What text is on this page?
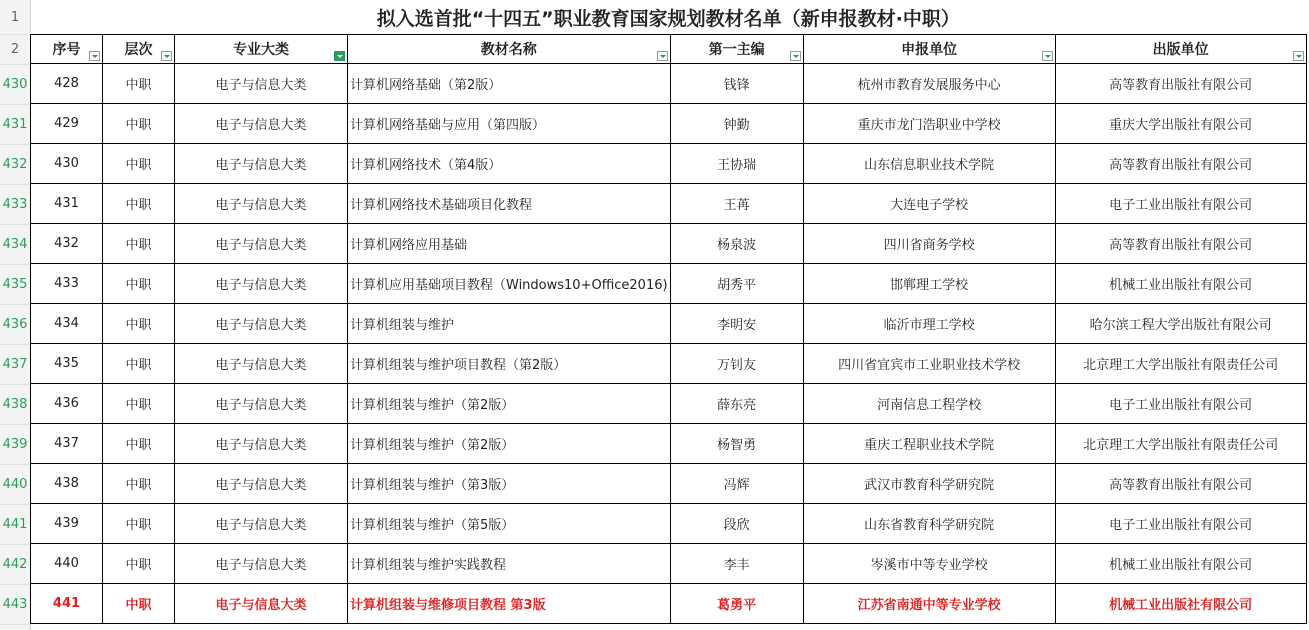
1
2
430
431
432
433
434
435
436
437
438
439
440
441
442
443
拟入选首批“十四五”职业教育国家规划教材名单（新申报教材·中职）						
序号	层次	专业大类	教材名称	第一主编	申报单位	出版单位

428	中职	电子与信息大类	计算机网络基础（第2版）	钱锋	杭州市教育发展服务中心	高等教育出版社有限公司
429	中职	电子与信息大类	计算机网络基础与应用（第四版）	钟勤	重庆市龙门浩职业中学校	重庆大学出版社有限公司
430	中职	电子与信息大类	计算机网络技术（第4版）	王协瑞	山东信息职业技术学院	高等教育出版社有限公司
431	中职	电子与信息大类	计算机网络技术基础项目化教程	王苒	大连电子学校	电子工业出版社有限公司
432	中职	电子与信息大类	计算机网络应用基础	杨泉波	四川省商务学校	高等教育出版社有限公司
433	中职	电子与信息大类	计算机应用基础项目教程（Windows10+Office2016)	胡秀平	邯郸理工学校	机械工业出版社有限公司
434	中职	电子与信息大类	计算机组装与维护	李明安	临沂市理工学校	哈尔滨工程大学出版社有限公司
435	中职	电子与信息大类	计算机组装与维护项目教程（第2版）	万钊友	四川省宜宾市工业职业技术学校	北京理工大学出版社有限责任公司
436	中职	电子与信息大类	计算机组装与维护（第2版）	薛东亮	河南信息工程学校	电子工业出版社有限公司
437	中职	电子与信息大类	计算机组装与维护（第2版）	杨智勇	重庆工程职业技术学院	北京理工大学出版社有限责任公司
438	中职	电子与信息大类	计算机组装与维护（第3版）	冯辉	武汉市教育科学研究院	高等教育出版社有限公司
439	中职	电子与信息大类	计算机组装与维护（第5版）	段欣	山东省教育科学研究院	电子工业出版社有限公司
440	中职	电子与信息大类	计算机组装与维护实践教程	李丰	岑溪市中等专业学校	机械工业出版社有限公司
441	中职	电子与信息大类	计算机组装与维修项目教程 第3版	葛勇平	江苏省南通中等专业学校	机械工业出版社有限公司
